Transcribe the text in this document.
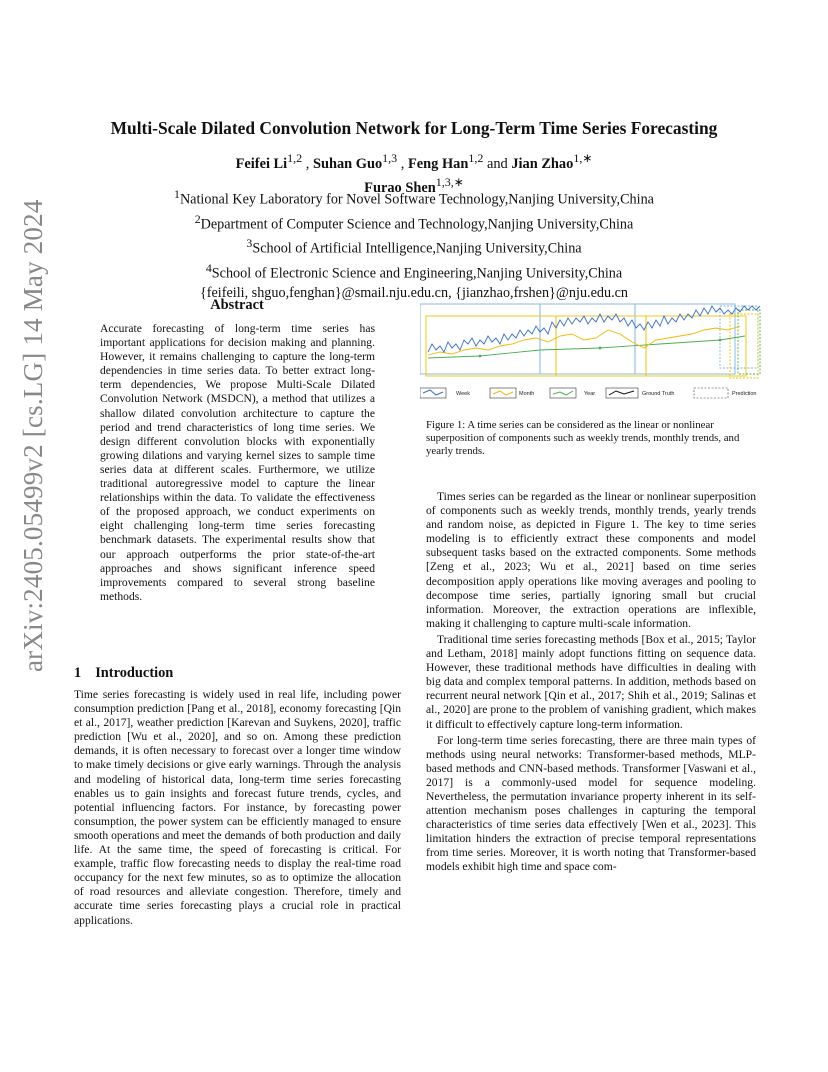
arXiv:2405.05499v2 [cs.LG] 14 May 2024
Multi-Scale Dilated Convolution Network for Long-Term Time Series Forecasting
Feifei Li$^{1,2}$ , Suhan Guo$^{1,3}$ , Feng Han$^{1,2}$ and Jian Zhao$^{1,∗}$
Furao Shen$^{1,3,∗}$
$^1$National Key Laboratory for Novel Software Technology,Nanjing University,China
$^2$Department of Computer Science and Technology,Nanjing University,China
$^3$School of Artificial Intelligence,Nanjing University,China
$^4$School of Electronic Science and Engineering,Nanjing University,China
{feifeili, shguo,fenghan}@smail.nju.edu.cn, {jianzhao,frshen}@nju.edu.cn
Abstract

Accurate forecasting of long-term time series has important applications for decision making and planning. However, it remains challenging to capture the long-term dependencies in time series data. To better extract long-term dependencies, We propose Multi-Scale Dilated Convolution Network (MSDCN), a method that utilizes a shallow dilated convolution architecture to capture the period and trend characteristics of long time series. We design different convolution blocks with exponentially growing dilations and varying kernel sizes to sample time series data at different scales. Furthermore, we utilize traditional autoregressive model to capture the linear relationships within the data. To validate the effectiveness of the proposed approach, we conduct experiments on eight challenging long-term time series forecasting benchmark datasets. The experimental results show that our approach outperforms the prior state-of-the-art approaches and shows significant inference speed improvements compared to several strong baseline methods.

1 Introduction

Time series forecasting is widely used in real life, including power consumption prediction [Pang et al., 2018], economy forecasting [Qin et al., 2017], weather prediction [Karevan and Suykens, 2020], traffic prediction [Wu et al., 2020], and so on. Among these prediction demands, it is often necessary to forecast over a longer time window to make timely decisions or give early warnings. Through the analysis and modeling of historical data, long-term time series forecasting enables us to gain insights and forecast future trends, cycles, and potential influencing factors. For instance, by forecasting power consumption, the power system can be efficiently managed to ensure smooth operations and meet the demands of both production and daily life. At the same time, the speed of forecasting is critical. For example, traffic flow forecasting needs to display the real-time road occupancy for the next few minutes, so as to optimize the allocation of road resources and alleviate congestion. Therefore, timely and accurate time series forecasting plays a crucial role in practical applications.

Week	Month	Year	Ground Truth	Prediction
Figure 1: A time series can be considered as the linear or nonlinear superposition of components such as weekly trends, monthly trends, and yearly trends.

Times series can be regarded as the linear or nonlinear superposition of components such as weekly trends, monthly trends, yearly trends and random noise, as depicted in Figure 1. The key to time series modeling is to efficiently extract these components and model subsequent tasks based on the extracted components. Some methods [Zeng et al., 2023; Wu et al., 2021] based on time series decomposition apply operations like moving averages and pooling to decompose time series, partially ignoring small but crucial information. Moreover, the extraction operations are inflexible, making it challenging to capture multi-scale information.

Traditional time series forecasting methods [Box et al., 2015; Taylor and Letham, 2018] mainly adopt functions fitting on sequence data. However, these traditional methods have difficulties in dealing with big data and complex temporal patterns. In addition, methods based on recurrent neural network [Qin et al., 2017; Shih et al., 2019; Salinas et al., 2020] are prone to the problem of vanishing gradient, which makes it difficult to effectively capture long-term information.

For long-term time series forecasting, there are three main types of methods using neural networks: Transformer-based methods, MLP-based methods and CNN-based methods. Transformer [Vaswani et al., 2017] is a commonly-used model for sequence modeling. Nevertheless, the permutation invariance property inherent in its self-attention mechanism poses challenges in capturing the temporal characteristics of time series data effectively [Wen et al., 2023]. This limitation hinders the extraction of precise temporal representations from time series. Moreover, it is worth noting that Transformer-based models exhibit high time and space com-
